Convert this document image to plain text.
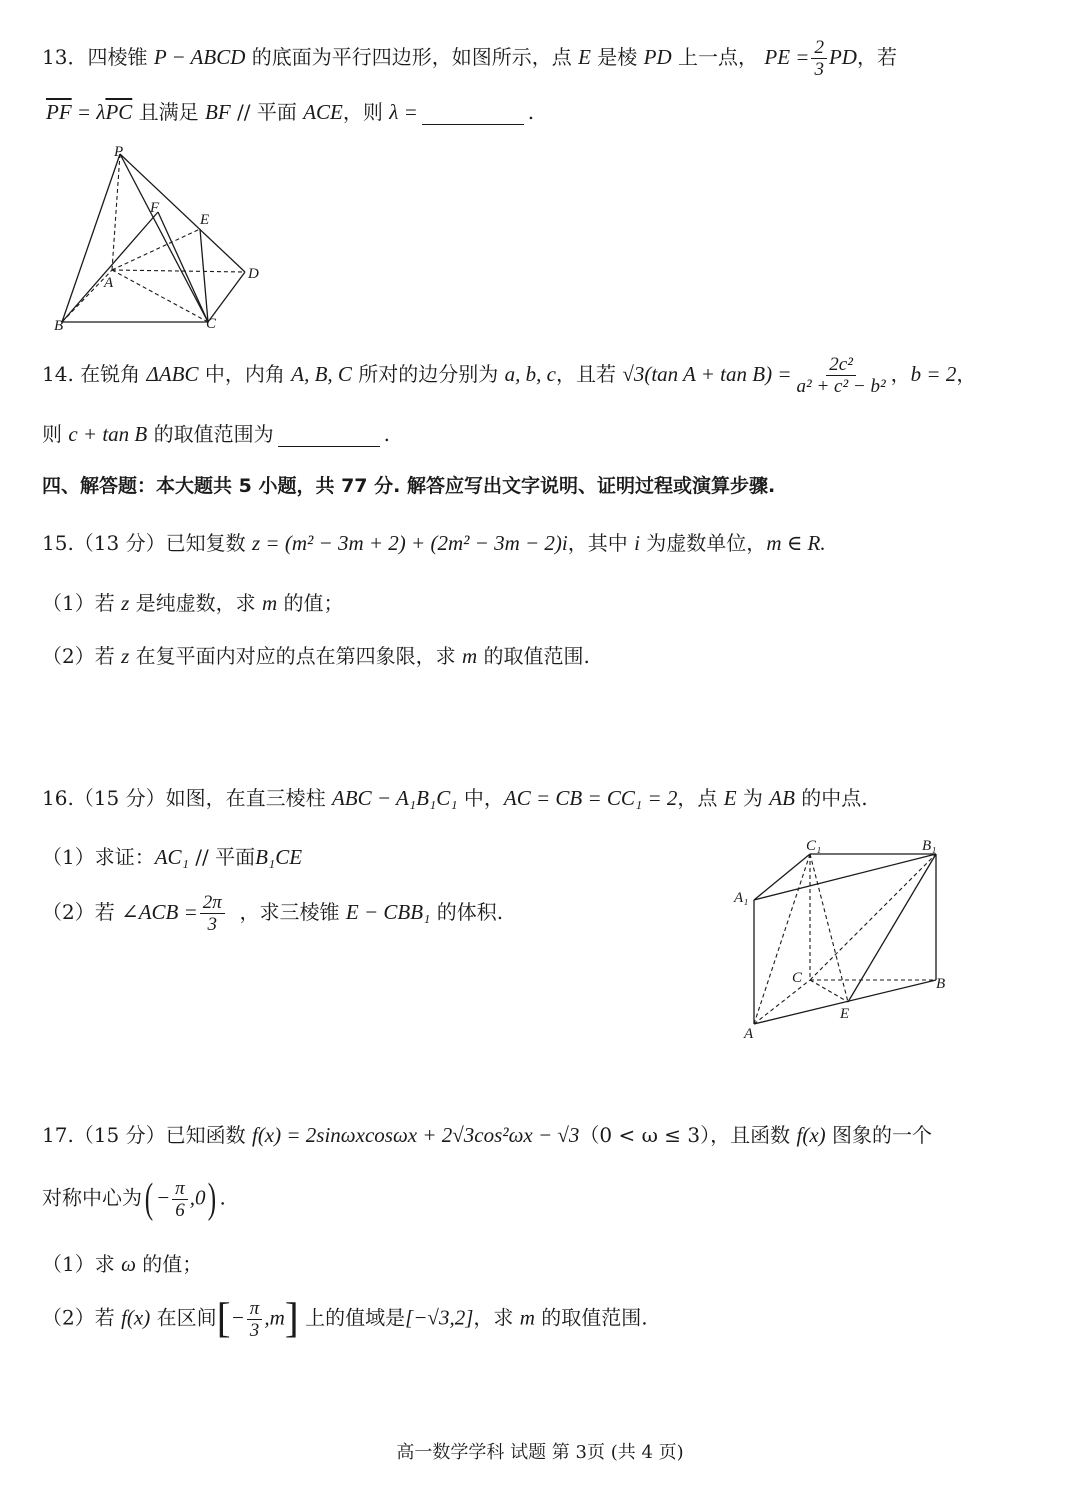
13．四棱锥 P − ABCD 的底面为平行四边形，如图所示，点 E 是棱 PD 上一点， PE = $\frac{2}{3}$ PD，若
$\overline{PF} = \lambda\overline{PC}$ 且满足 BF // 平面 ACE，则 λ =	.
P
F
E
A
D
B	C
14. 在锐角 ΔABC 中，内角 A, B, C 所对的边分别为 a, b, c，且若 √3(tan $A + \tan B) = \frac{\text{2c²}}{\text{a² + c² − b²}}$ ，b = 2，
则 c + tan B 的取值范围为	.
四、解答题：本大题共 5 小题，共 77 分. 解答应写出文字说明、证明过程或演算步骤.
15.（13 分）已知复数 z = (m² − 3m + 2) + (2m² − 3m − 2)i，其中 i 为虚数单位，m ∈ R.
（1）若 z 是纯虚数，求 m 的值；
（2）若 z 在复平面内对应的点在第四象限，求 m 的取值范围.
16.（15 分）如图，在直三棱柱 ABC − A₁B₁C₁ 中，AC = CB = CC₁ = 2，点 E 为 AB 的中点.
（1）求证：AC₁ // 平面B₁CE
（2）若 ∠ACB = $\frac{2\pi}{3}$ ，求三棱锥 E − CBB₁ 的体积.
C₁	B₁
A₁
C	B
E
A
17.（15 分）已知函数 f(x) = 2sinωxcosωx + 2√3cos²ωx − √3（0 < ω ≤ 3），且函数 f(x) 图象的一个
对称中心为( − $\frac{\pi}{6} ,0$) .
（1）求 ω 的值；
（2）若 f(x) 在区间[− $\frac{\pi}{3} ,m$] 上的值域是[−√3,2]，求 m 的取值范围.
高一数学学科 试题 第 3页 (共 4 页)
